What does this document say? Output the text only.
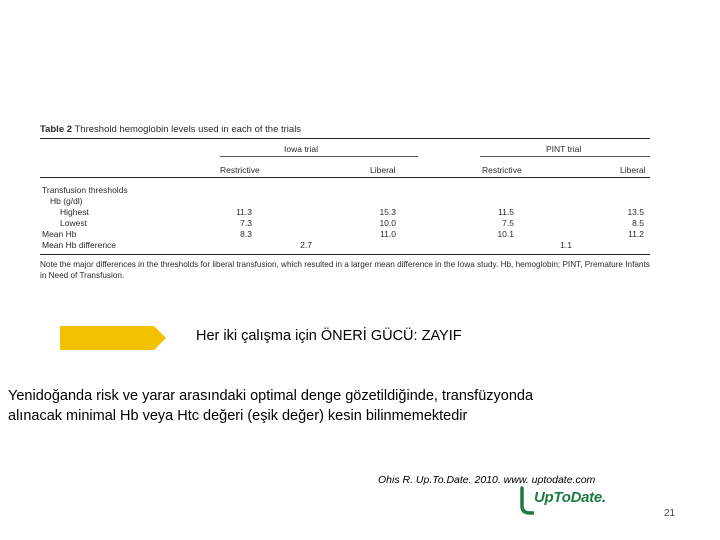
Table 2 Threshold hemoglobin levels used in each of the trials
Iowa trial	PINT trial
Restrictive	Liberal	Restrictive	Liberal
Transfusion thresholds
Hb (g/dl)
Highest	11.3	15.3	11.5	13.5
Lowest	7.3	10.0	7.5	8.5
Mean Hb	8.3	11.0	10.1	11.2
Mean Hb difference	2.7	1.1
Note the major differences in the thresholds for liberal transfusion, which resulted in a larger mean difference in the Iowa study. Hb, hemoglobin; PINT, Premature Infants in Need of Transfusion.
Her iki çalışma için ÖNERİ GÜCÜ: ZAYIF
Yenidoğanda risk ve yarar arasındaki optimal denge gözetildiğinde, transfüzyonda alınacak minimal Hb veya Htc değeri (eşik değer) kesin bilinmemektedir
Ohis R. Up.To.Date. 2010. www. uptodate.com
UpToDate.
21
